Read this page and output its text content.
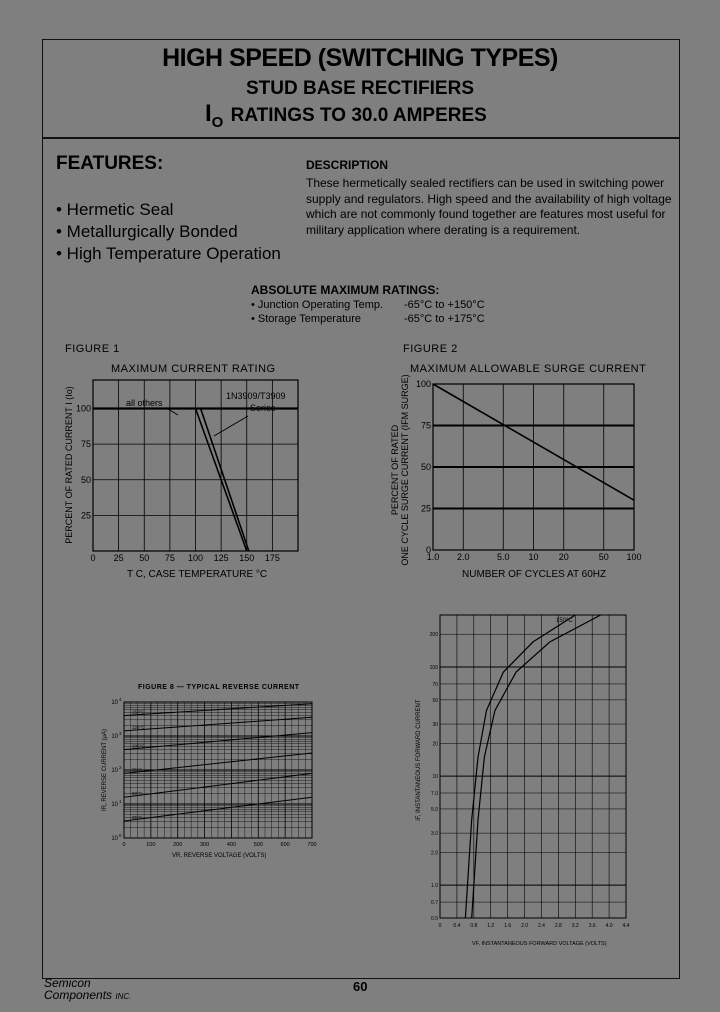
HIGH SPEED (SWITCHING TYPES)
STUD BASE RECTIFIERS
$I_O$ RATINGS TO 30.0 AMPERES
FEATURES:
• Hermetic Seal
• Metallurgically Bonded
• High Temperature Operation
DESCRIPTION
These hermetically sealed rectifiers can be used in switching power supply and regulators. High speed and the availability of high voltage which are not commonly found together are features most useful for military application where derating is a requirement.
ABSOLUTE MAXIMUM RATINGS:
• Junction Operating Temp. -65°C to +150°C
• Storage Temperature	-65°C to +175°C
FIGURE 1
MAXIMUM CURRENT RATING
0 25 50 75 100 125 150 175
25
50
75
100
PERCENT OF RATED CURRENT I (Io)
T C, CASE TEMPERATURE °C
all others
1N3909/T3909
Series
FIGURE 2
MAXIMUM ALLOWABLE SURGE CURRENT
1.0 2.0	5.0 10 20	50 100
0
25
50
75
100
PERCENT OF RATED ONE CYCLE SURGE CURRENT (IFM SURGE)
NUMBER OF CYCLES AT 60HZ
FIGURE 8 — TYPICAL REVERSE CURRENT
0	100	200	300	400	500	600	700
10
0
10
1
10
2
10
3
10
4
150°C
125°C
100°C
75°C
50°C
25°C
IR, REVERSE CURRENT (µA)
VR, REVERSE VOLTAGE (VOLTS)
0 0.4 0.8 1.2 1.6 2.0 2.4 2.8 3.2 3.6 4.0 4.4
200
100
70
50
30
20
10
7.0
5.0
3.0
2.0
1.0
0.7
0.5
iF, INSTANTANEOUS FORWARD CURRENT
VF, INSTANTANEOUS FORWARD VOLTAGE (VOLTS)
150°C
Semicon
Components INC.
60
